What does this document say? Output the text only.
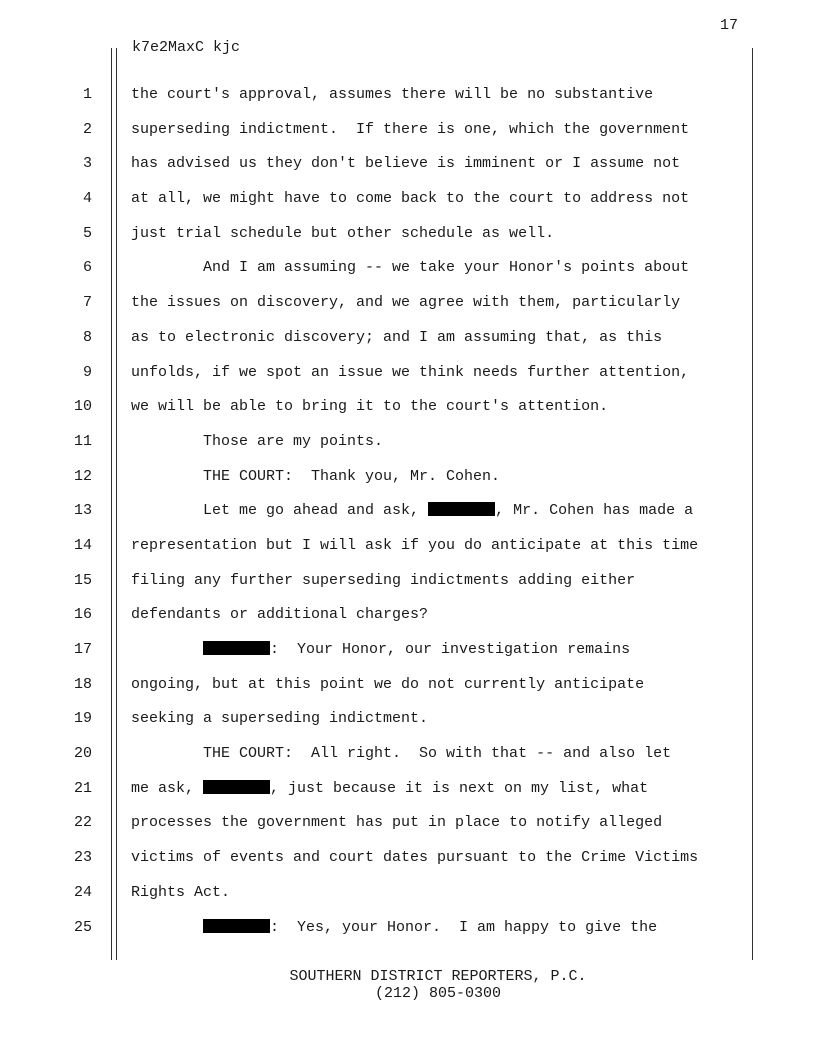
17
k7e2MaxC kjc
1	the court's approval, assumes there will be no substantive
2	superseding indictment.  If there is one, which the government
3	has advised us they don't believe is imminent or I assume not
4	at all, we might have to come back to the court to address not
5	just trial schedule but other schedule as well.
6	And I am assuming -- we take your Honor's points about
7	the issues on discovery, and we agree with them, particularly
8	as to electronic discovery; and I am assuming that, as this
9	unfolds, if we spot an issue we think needs further attention,
10	we will be able to bring it to the court's attention.
11	Those are my points.
12	THE COURT:  Thank you, Mr. Cohen.
13	Let me go ahead and ask,	, Mr. Cohen has made a
14	representation but I will ask if you do anticipate at this time
15	filing any further superseding indictments adding either
16	defendants or additional charges?
17	:  Your Honor, our investigation remains
18	ongoing, but at this point we do not currently anticipate
19	seeking a superseding indictment.
20	THE COURT:  All right.  So with that -- and also let
21	me ask,	, just because it is next on my list, what
22	processes the government has put in place to notify alleged
23	victims of events and court dates pursuant to the Crime Victims
24	Rights Act.
25	:  Yes, your Honor.  I am happy to give the
SOUTHERN DISTRICT REPORTERS, P.C.
(212) 805-0300
